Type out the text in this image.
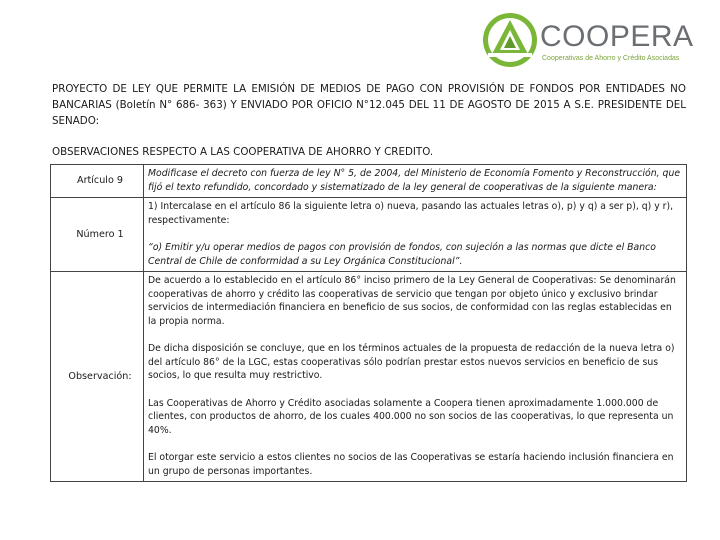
COOPERA
Cooperativas de Ahorro y Crédito Asociadas
PROYECTO DE LEY QUE PERMITE LA EMISIÓN DE MEDIOS DE PAGO CON PROVISIÓN DE FONDOS POR ENTIDADES NO BANCARIAS (Boletín N° 686- 363) Y ENVIADO POR OFICIO N°12.045 DEL 11 DE AGOSTO DE 2015 A S.E. PRESIDENTE DEL SENADO:
OBSERVACIONES RESPECTO A LAS COOPERATIVA DE AHORRO Y CREDITO.
Artículo 9	Modificase el decreto con fuerza de ley N° 5, de 2004, del Ministerio de Economía Fomento y Reconstrucción, que fijó el texto refundido, concordado y sistematizado de la ley general de cooperativas de la siguiente manera:

Número 1	1) Intercalase en el artículo 86 la siguiente letra o) nueva, pasando las actuales letras o), p) y q) a ser p), q) y r), respectivamente:
“o) Emitir y/u operar medios de pagos con provisión de fondos, con sujeción a las normas que dicte el Banco Central de Chile de conformidad a su Ley Orgánica Constitucional”.

Observación:	De acuerdo a lo establecido en el artículo 86° inciso primero de la Ley General de Cooperativas: Se denominarán cooperativas de ahorro y crédito las cooperativas de servicio que tengan por objeto único y exclusivo brindar servicios de intermediación financiera en beneficio de sus socios, de conformidad con las reglas establecidas en la propia norma.
De dicha disposición se concluye, que en los términos actuales de la propuesta de redacción de la nueva letra o) del artículo 86° de la LGC, estas cooperativas sólo podrían prestar estos nuevos servicios en beneficio de sus socios, lo que resulta muy restrictivo.
Las Cooperativas de Ahorro y Crédito asociadas solamente a Coopera tienen aproximadamente 1.000.000 de clientes, con productos de ahorro, de los cuales 400.000 no son socios de las cooperativas, lo que representa un 40%.
El otorgar este servicio a estos clientes no socios de las Cooperativas se estaría haciendo inclusión financiera en un grupo de personas importantes.
